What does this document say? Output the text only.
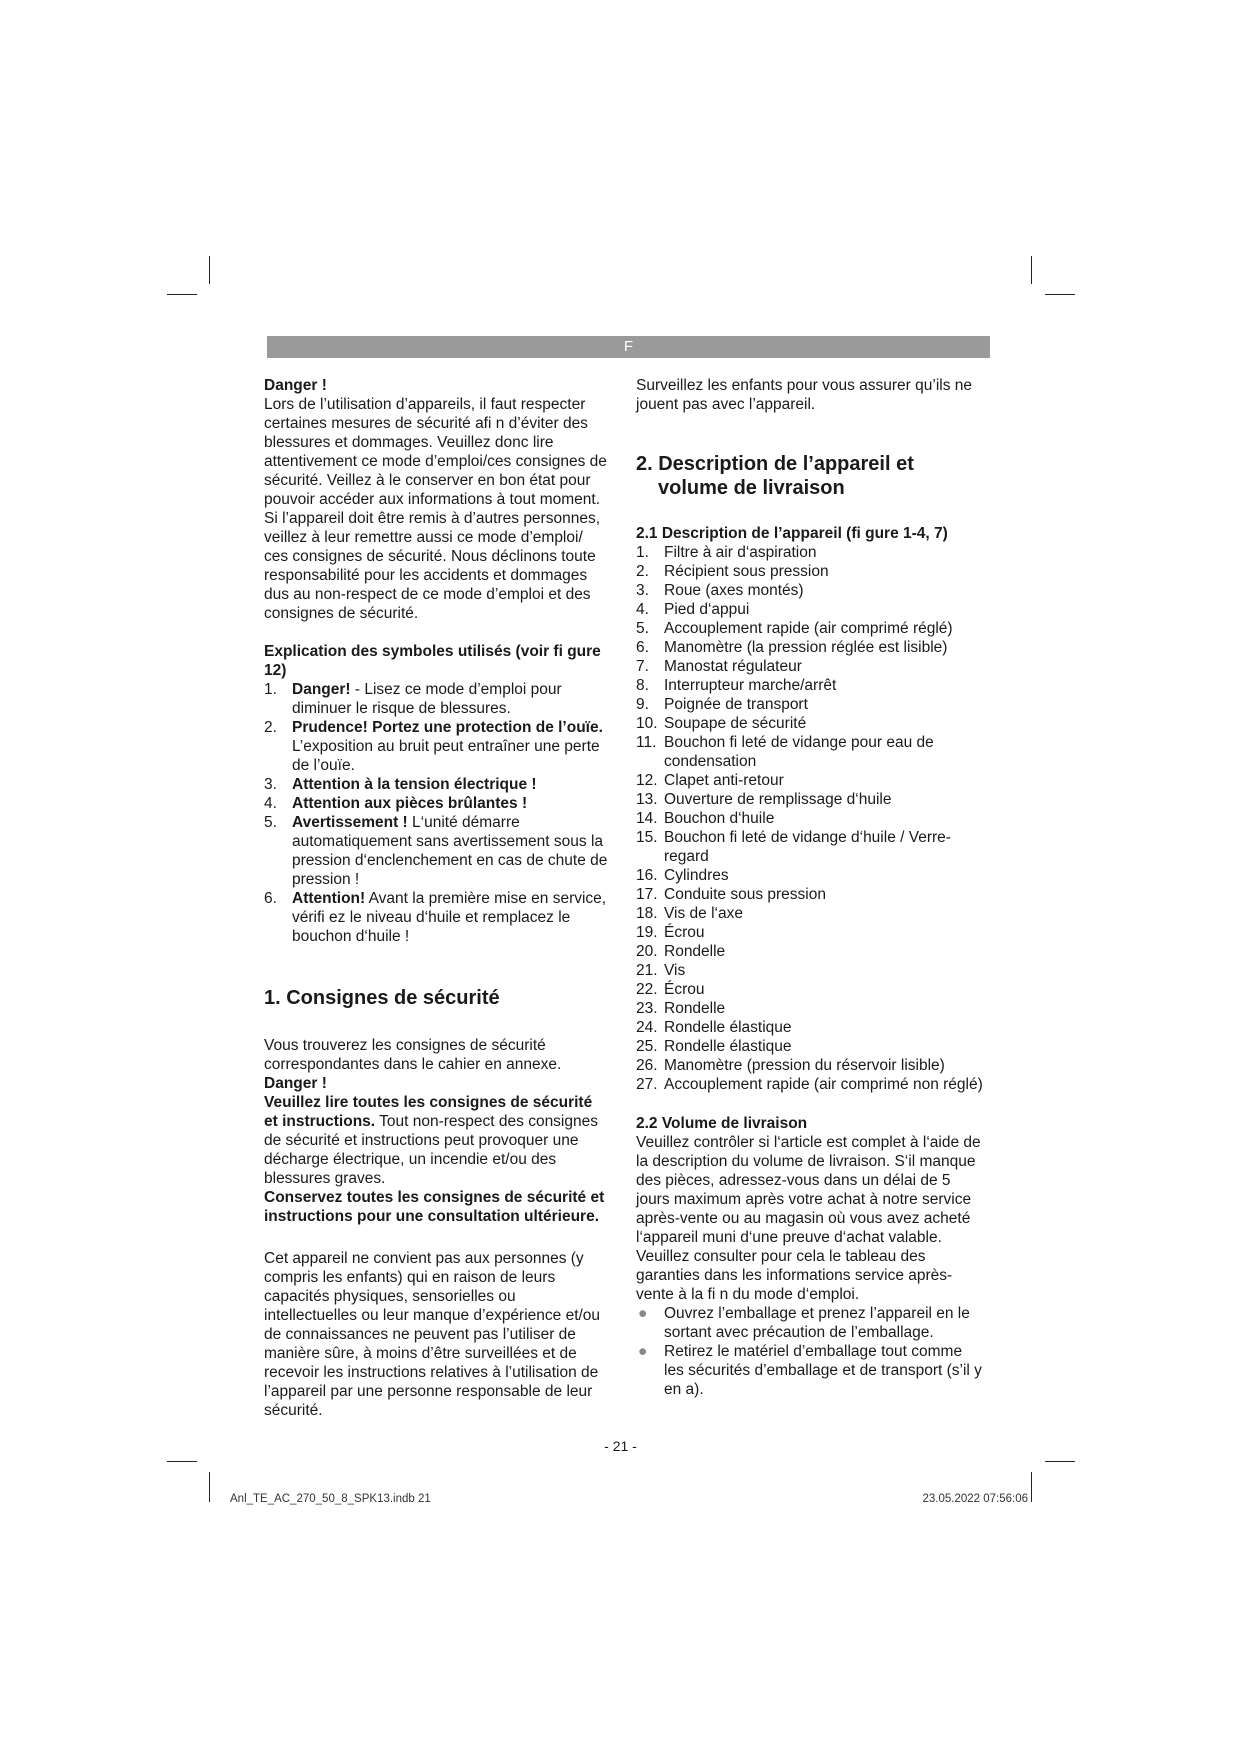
F

Danger !

Lors de l’utilisation d’appareils, il faut respecter certaines mesures de sécurité afi n d’éviter des blessures et dommages. Veuillez donc lire attentivement ce mode d’emploi/ces consignes de sécurité. Veillez à le conserver en bon état pour pouvoir accéder aux informations à tout moment. Si l’appareil doit être remis à d’autres personnes, veillez à leur remettre aussi ce mode d’emploi/ ces consignes de sécurité. Nous déclinons toute responsabilité pour les accidents et dommages dus au non-respect de ce mode d’emploi et des consignes de sécurité.

Explication des symboles utilisés (voir fi gure 12)

1. Danger! - Lisez ce mode d’emploi pour diminuer le risque de blessures.
2. Prudence! Portez une protection de l’ouïe. L’exposition au bruit peut entraîner une perte de l’ouïe.
3. Attention à la tension électrique !
4. Attention aux pièces brûlantes !
5. Avertissement ! L‘unité démarre automatiquement sans avertissement sous la pression d‘enclenchement en cas de chute de pression !
6. Attention! Avant la première mise en service, vérifi ez le niveau d‘huile et remplacez le bouchon d‘huile !

1. Consignes de sécurité

Vous trouverez les consignes de sécurité correspondantes dans le cahier en annexe.

Danger !

Veuillez lire toutes les consignes de sécurité et instructions. Tout non-respect des consignes de sécurité et instructions peut provoquer une décharge électrique, un incendie et/ou des blessures graves.

Conservez toutes les consignes de sécurité et instructions pour une consultation ultérieure.

Cet appareil ne convient pas aux personnes (y compris les enfants) qui en raison de leurs capacités physiques, sensorielles ou intellectuelles ou leur manque d’expérience et/ou de connaissances ne peuvent pas l’utiliser de manière sûre, à moins d’être surveillées et de recevoir les instructions relatives à l’utilisation de l’appareil par une personne responsable de leur sécurité.

Surveillez les enfants pour vous assurer qu’ils ne jouent pas avec l’appareil.

2. Description de l’appareil et
volume de livraison

2.1 Description de l’appareil (fi gure 1-4, 7)

1. Filtre à air d‘aspiration
2. Récipient sous pression
3. Roue (axes montés)
4. Pied d‘appui
5. Accouplement rapide (air comprimé réglé)
6. Manomètre (la pression réglée est lisible)
7. Manostat régulateur
8. Interrupteur marche/arrêt
9. Poignée de transport
10. Soupape de sécurité
11. Bouchon fi leté de vidange pour eau de condensation
12. Clapet anti-retour
13. Ouverture de remplissage d‘huile
14. Bouchon d‘huile
15. Bouchon fi leté de vidange d‘huile / Verre-regard
16. Cylindres
17. Conduite sous pression
18. Vis de l‘axe
19. Écrou
20. Rondelle
21. Vis
22. Écrou
23. Rondelle
24. Rondelle élastique
25. Rondelle élastique
26. Manomètre (pression du réservoir lisible)
27. Accouplement rapide (air comprimé non réglé)

2.2 Volume de livraison

Veuillez contrôler si l‘article est complet à l‘aide de la description du volume de livraison. S‘il manque des pièces, adressez-vous dans un délai de 5 jours maximum après votre achat à notre service après-vente ou au magasin où vous avez acheté l‘appareil muni d‘une preuve d‘achat valable. Veuillez consulter pour cela le tableau des garanties dans les informations service après-vente à la fi n du mode d‘emploi.

● Ouvrez l’emballage et prenez l’appareil en le sortant avec précaution de l’emballage.
● Retirez le matériel d’emballage tout comme les sécurités d’emballage et de transport (s’il y en a).
- 21 -
Anl_TE_AC_270_50_8_SPK13.indb 21	23.05.2022 07:56:06
